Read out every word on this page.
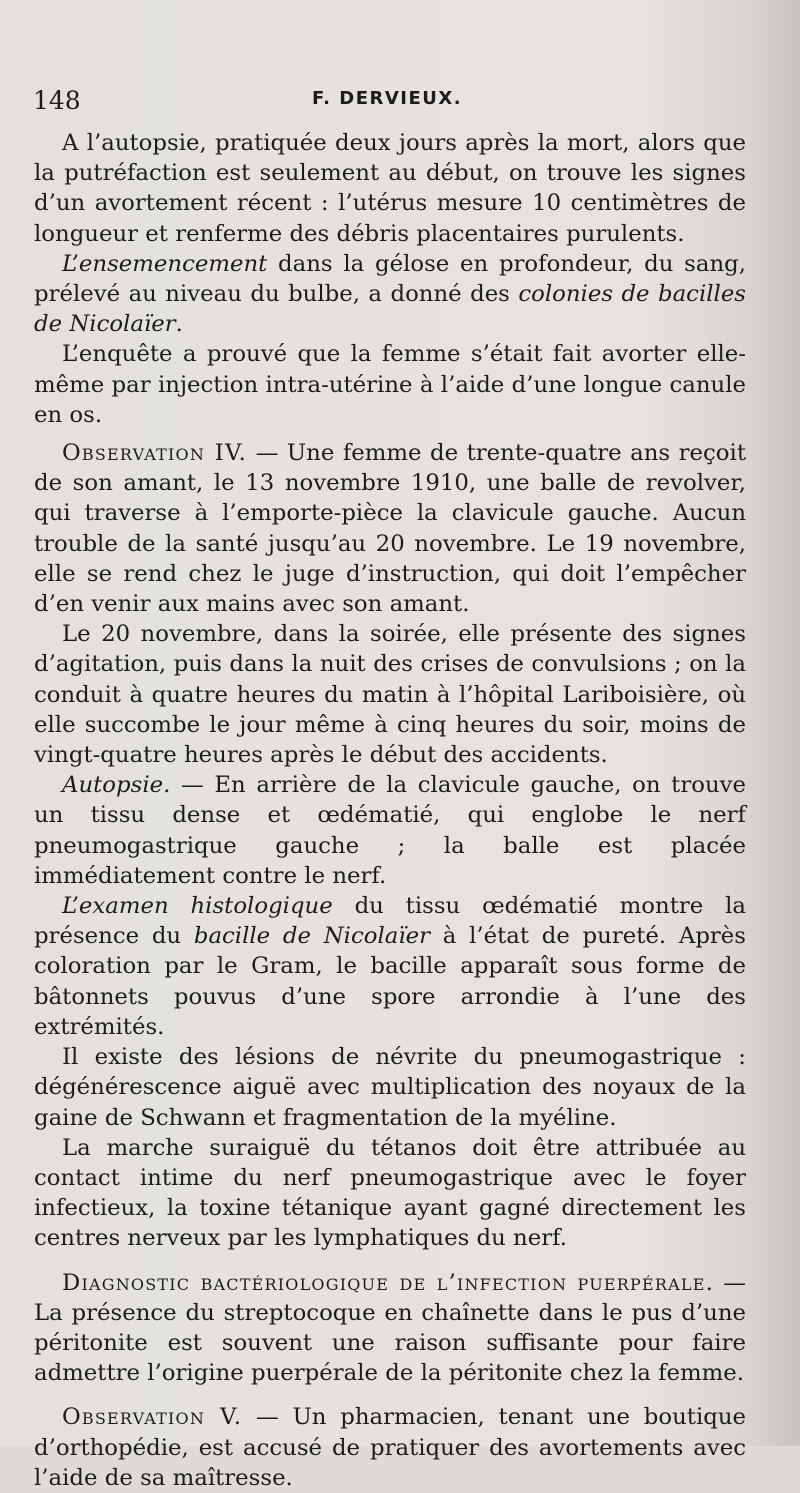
148	F. DERVIEUX.

A l’autopsie, pratiquée deux jours après la mort, alors que la putréfaction est seulement au début, on trouve les signes d’un avortement récent : l’utérus mesure 10 centimètres de longueur et renferme des débris placentaires purulents.

L’ensemencement dans la gélose en profondeur, du sang, prélevé au niveau du bulbe, a donné des colonies de bacilles de Nicolaïer.

L’enquête a prouvé que la femme s’était fait avorter elle-même par injection intra-utérine à l’aide d’une longue canule en os.

Observation IV. — Une femme de trente-quatre ans reçoit de son amant, le 13 novembre 1910, une balle de revolver, qui traverse à l’emporte-pièce la clavicule gauche. Aucun trouble de la santé jusqu’au 20 novembre. Le 19 novembre, elle se rend chez le juge d’instruction, qui doit l’empêcher d’en venir aux mains avec son amant.

Le 20 novembre, dans la soirée, elle présente des signes d’agitation, puis dans la nuit des crises de convulsions ; on la conduit à quatre heures du matin à l’hôpital Lariboisière, où elle succombe le jour même à cinq heures du soir, moins de vingt-quatre heures après le début des accidents.

Autopsie. — En arrière de la clavicule gauche, on trouve un tissu dense et œdématié, qui englobe le nerf pneumogastrique gauche ; la balle est placée immédiatement contre le nerf.

L’examen histologique du tissu œdématié montre la présence du bacille de Nicolaïer à l’état de pureté. Après coloration par le Gram, le bacille apparaît sous forme de bâtonnets pouvus d’une spore arrondie à l’une des extrémités.

Il existe des lésions de névrite du pneumogastrique : dégénérescence aiguë avec multiplication des noyaux de la gaine de Schwann et fragmentation de la myéline.

La marche suraiguë du tétanos doit être attribuée au contact intime du nerf pneumogastrique avec le foyer infectieux, la toxine tétanique ayant gagné directement les centres nerveux par les lymphatiques du nerf.

Diagnostic bactériologique de l’infection puerpérale. — La présence du streptocoque en chaînette dans le pus d’une péritonite est souvent une raison suffisante pour faire admettre l’origine puerpérale de la péritonite chez la femme.

Observation V. — Un pharmacien, tenant une boutique d’orthopédie, est accusé de pratiquer des avortements avec l’aide de sa maîtresse.
